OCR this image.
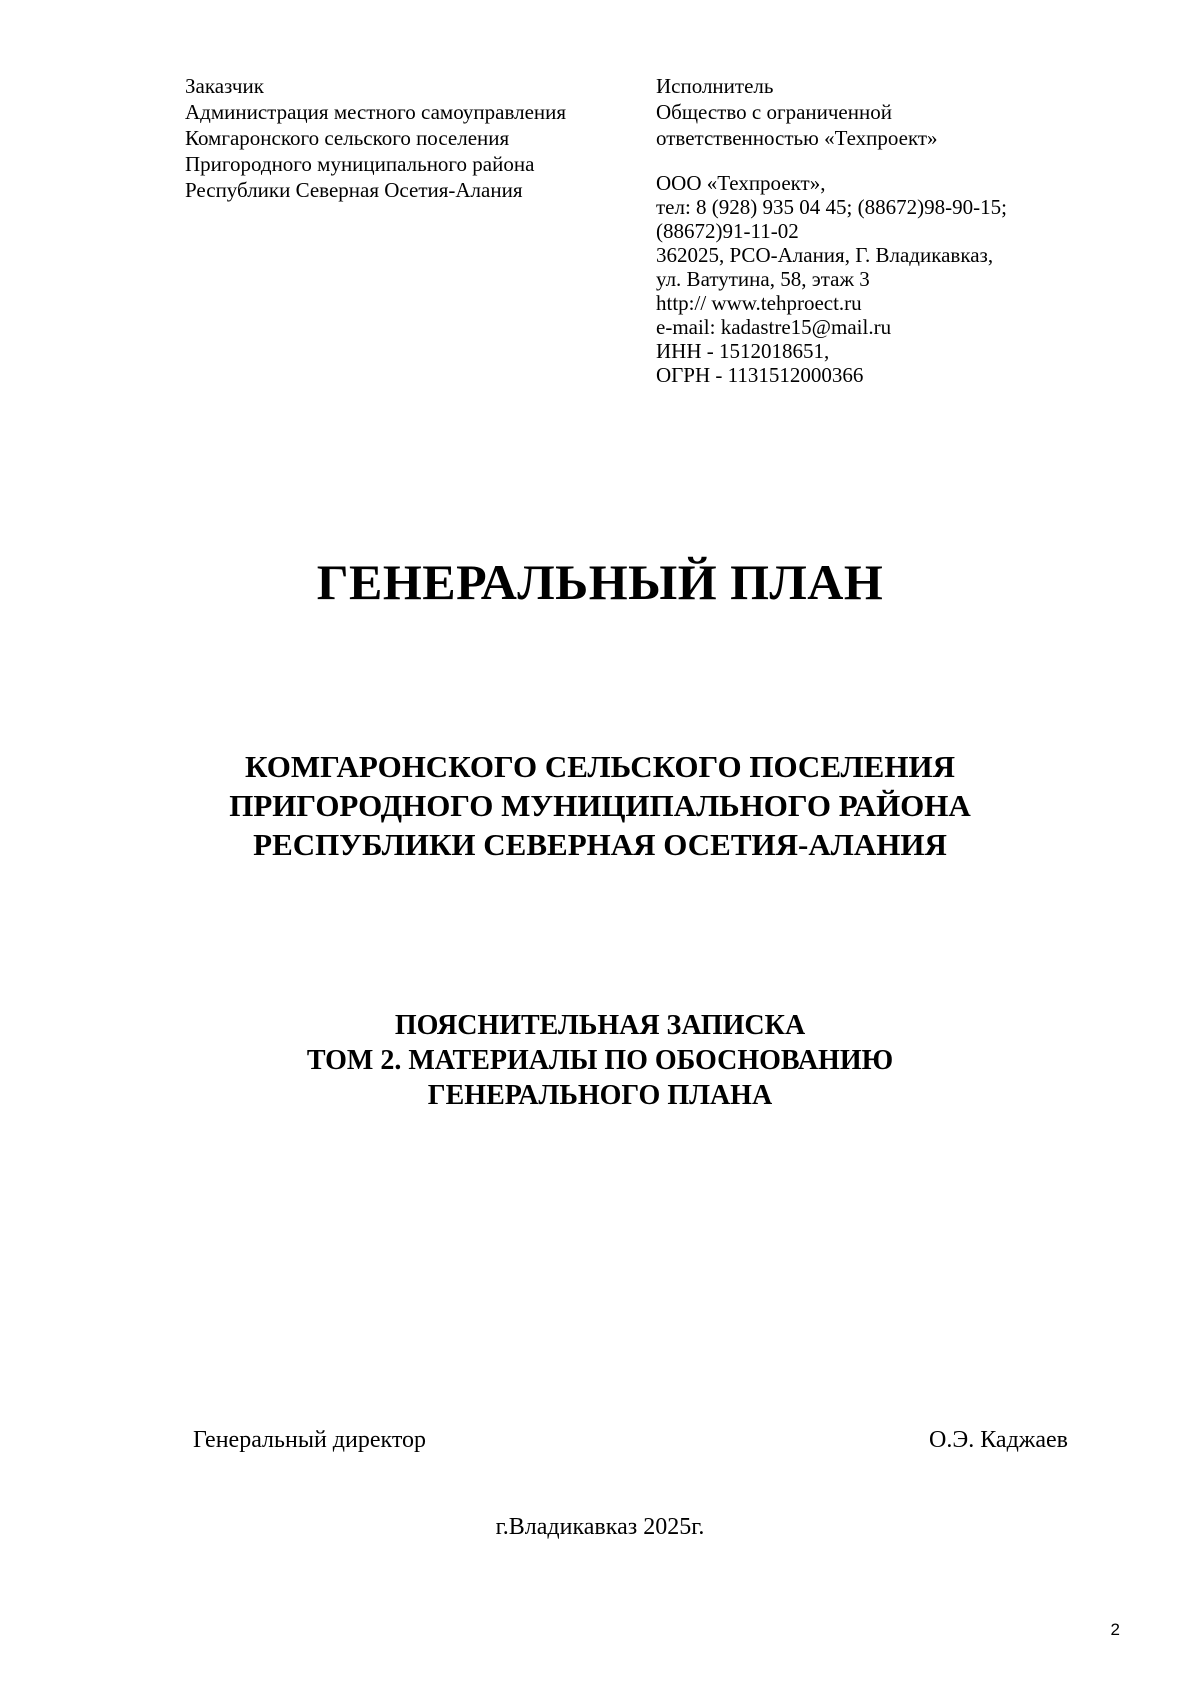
Заказчик
Администрация местного самоуправления
Комгаронского сельского поселения
Пригородного муниципального района
Республики Северная Осетия-Алания
Исполнитель
Общество с ограниченной
ответственностью «Техпроект»
ООО «Техпроект»,
тел: 8 (928) 935 04 45; (88672)98-90-15;
(88672)91-11-02
362025, РСО-Алания, Г. Владикавказ,
ул. Ватутина, 58, этаж 3
http:// www.tehproect.ru
e-mail: kadastre15@mail.ru
ИНН - 1512018651,
ОГРН - 1131512000366
ГЕНЕРАЛЬНЫЙ ПЛАН
КОМГАРОНСКОГО СЕЛЬСКОГО ПОСЕЛЕНИЯ
ПРИГОРОДНОГО МУНИЦИПАЛЬНОГО РАЙОНА
РЕСПУБЛИКИ СЕВЕРНАЯ ОСЕТИЯ-АЛАНИЯ
ПОЯСНИТЕЛЬНАЯ ЗАПИСКА
ТОМ 2. МАТЕРИАЛЫ ПО ОБОСНОВАНИЮ
ГЕНЕРАЛЬНОГО ПЛАНА
Генеральный директор	О.Э. Каджаев
г.Владикавказ 2025г.
2
